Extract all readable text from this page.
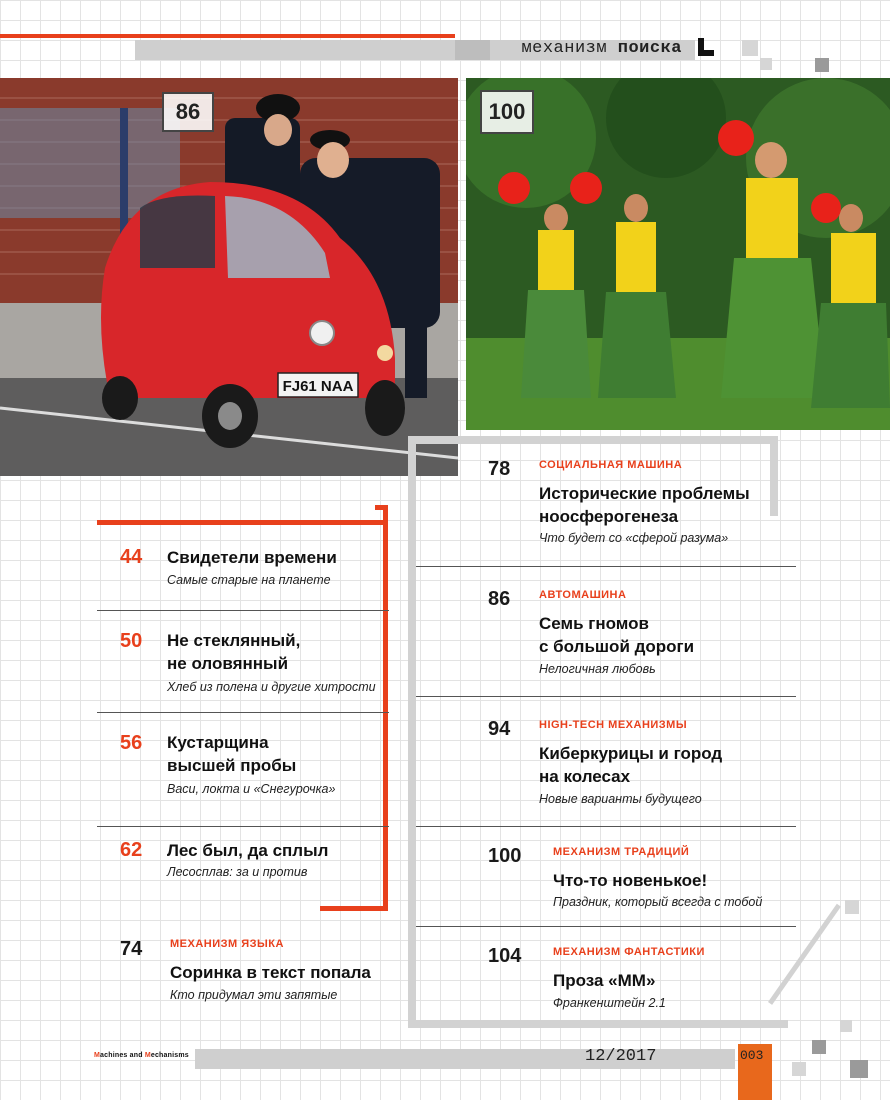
механизм поиска
FJ61 NAA
86	100
44 Свидетели времени
Самые старые на планете
50 Не стеклянный,
не оловянный
Хлеб из полена и другие хитрости
56 Кустарщина
высшей пробы
Васи, локта и «Снегурочка»
62 Лес был, да сплыл
Лесосплав: за и против
74	МЕХАНИЗМ ЯЗЫКА
Соринка в текст попала
Кто придумал эти запятые
78	СОЦИАЛЬНАЯ МАШИНА
Исторические проблемы
ноосферогенеза
Что будет со «сферой разума»
86	АВТОМАШИНА
Семь гномов
с большой дороги
Нелогичная любовь
94	HIGH-TECH МЕХАНИЗМЫ
Киберкурицы и город
на колесах
Новые варианты будущего
100	МЕХАНИЗМ ТРАДИЦИЙ
Что-то новенькое!
Праздник, который всегда с тобой
104	МЕХАНИЗМ ФАНТАСТИКИ
Проза «ММ»
Франкенштейн 2.1
Machines and Mechanisms	12/2017	003
